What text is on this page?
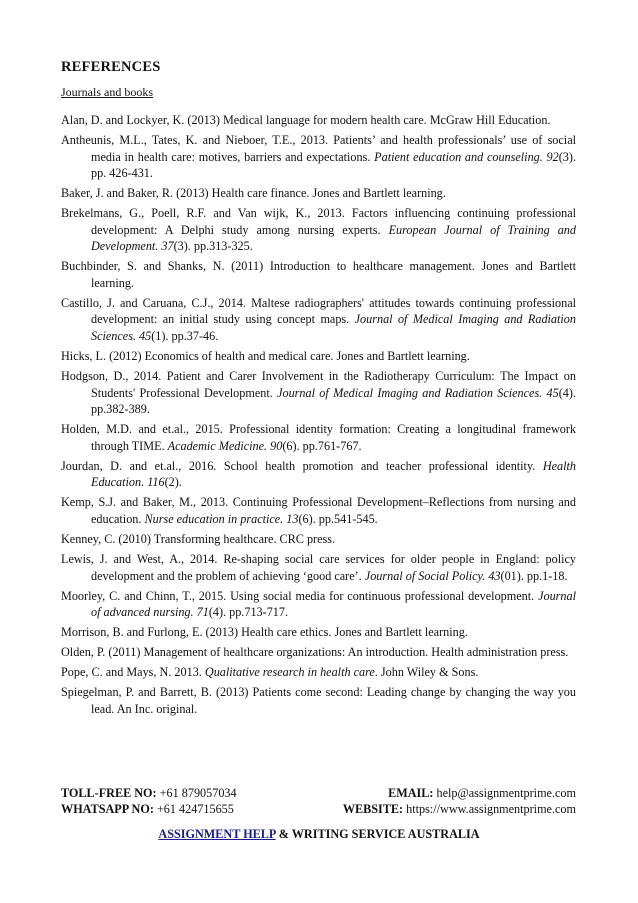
REFERENCES
Journals and books
Alan, D. and Lockyer, K. (2013) Medical language for modern health care. McGraw Hill Education.
Antheunis, M.L., Tates, K. and Nieboer, T.E., 2013. Patients’ and health professionals’ use of social media in health care: motives, barriers and expectations. Patient education and counseling. 92(3). pp. 426-431.
Baker, J. and Baker, R. (2013) Health care finance. Jones and Bartlett learning.
Brekelmans, G., Poell, R.F. and Van wijk, K., 2013. Factors influencing continuing professional development: A Delphi study among nursing experts. European Journal of Training and Development. 37(3). pp.313-325.
Buchbinder, S. and Shanks, N. (2011) Introduction to healthcare management. Jones and Bartlett learning.
Castillo, J. and Caruana, C.J., 2014. Maltese radiographers' attitudes towards continuing professional development: an initial study using concept maps. Journal of Medical Imaging and Radiation Sciences. 45(1). pp.37-46.
Hicks, L. (2012) Economics of health and medical care. Jones and Bartlett learning.
Hodgson, D., 2014. Patient and Carer Involvement in the Radiotherapy Curriculum: The Impact on Students' Professional Development. Journal of Medical Imaging and Radiation Sciences. 45(4). pp.382-389.
Holden, M.D. and et.al., 2015. Professional identity formation: Creating a longitudinal framework through TIME. Academic Medicine. 90(6). pp.761-767.
Jourdan, D. and et.al., 2016. School health promotion and teacher professional identity. Health Education. 116(2).
Kemp, S.J. and Baker, M., 2013. Continuing Professional Development–Reflections from nursing and education. Nurse education in practice. 13(6). pp.541-545.
Kenney, C. (2010) Transforming healthcare. CRC press.
Lewis, J. and West, A., 2014. Re-shaping social care services for older people in England: policy development and the problem of achieving ‘good care’. Journal of Social Policy. 43(01). pp.1-18.
Moorley, C. and Chinn, T., 2015. Using social media for continuous professional development. Journal of advanced nursing. 71(4). pp.713-717.
Morrison, B. and Furlong, E. (2013) Health care ethics. Jones and Bartlett learning.
Olden, P. (2011) Management of healthcare organizations: An introduction. Health administration press.
Pope, C. and Mays, N. 2013. Qualitative research in health care. John Wiley & Sons.
Spiegelman, P. and Barrett, B. (2013) Patients come second: Leading change by changing the way you lead. An Inc. original.
TOLL-FREE NO: +61 879057034	EMAIL: help@assignmentprime.com
WHATSAPP NO: +61 424715655	WEBSITE: https://www.assignmentprime.com
ASSIGNMENT HELP & WRITING SERVICE AUSTRALIA
